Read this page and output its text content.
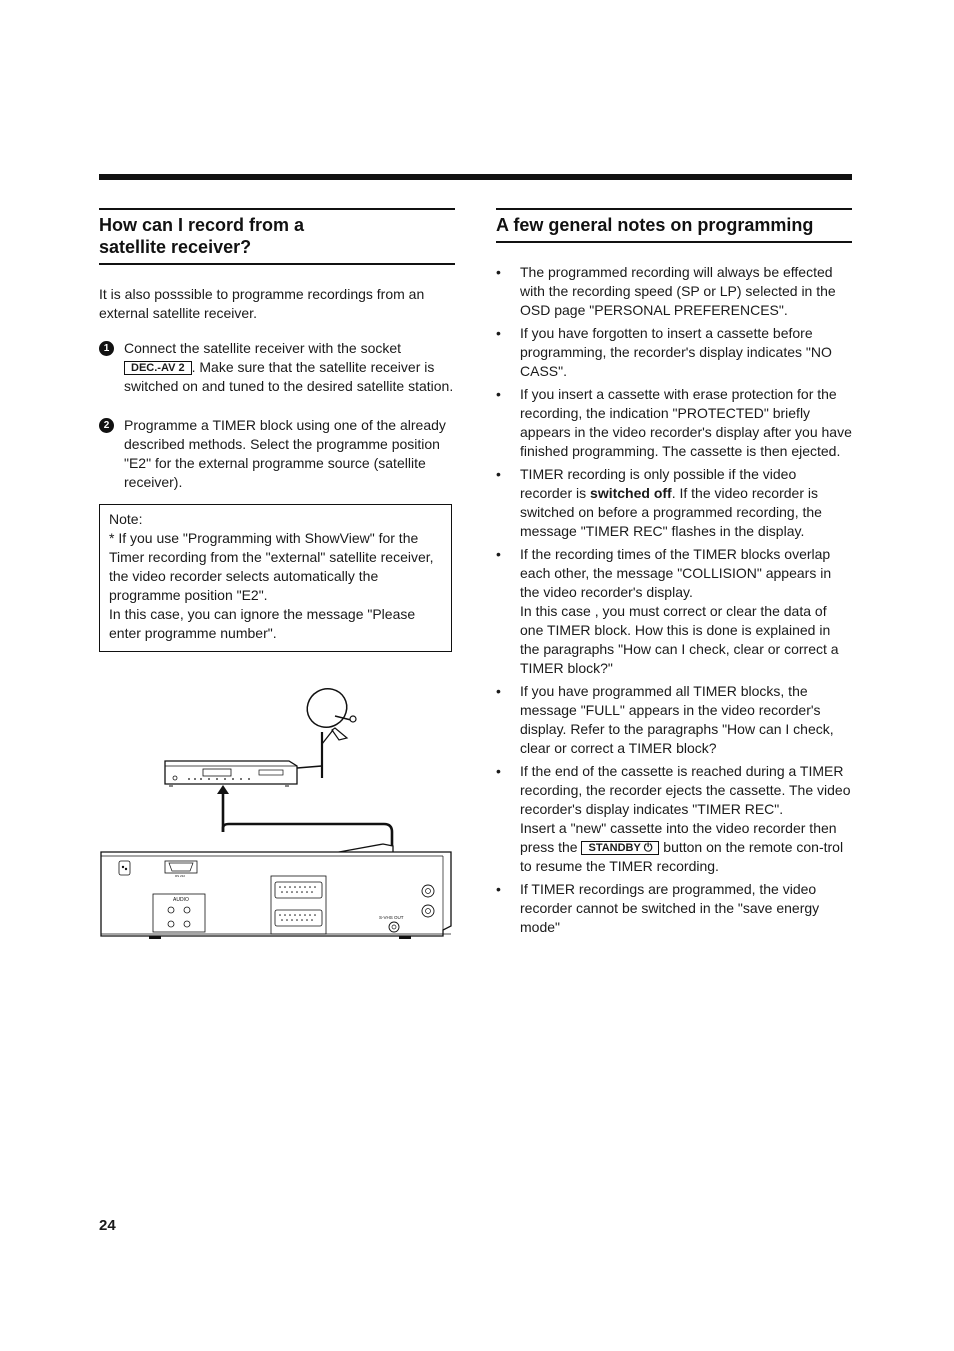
How can I record from a
satellite receiver?

It is also posssible to programme recordings from an external satellite receiver.

1	Connect the satellite receiver with the socket
DEC.-AV 2 . Make sure that the satellite receiver is switched on and tuned to the desired satellite station.
2	Programme a TIMER block using one of the already described methods. Select the programme position "E2" for the external programme source (satellite receiver).
Note:
* If you use "Programming with ShowView" for the Timer recording from the "external" satellite receiver, the video recorder selects automatically the programme position "E2".
In this case, you can ignore the message "Please enter programme number".
RS 232
AUDIO
S-VHS OUT
A few general notes on programming
• The programmed recording will always be effected with the recording speed (SP or LP) selected in the OSD page "PERSONAL PREFERENCES".
• If you have forgotten to insert a cassette before programming, the recorder's display indicates "NO CASS".
• If you insert a cassette with erase protection for the recording, the indication "PROTECTED" briefly appears in the video recorder's display after you have finished programming. The cassette is then ejected.
• TIMER recording is only possible if the video recorder is switched off. If the video recorder is switched on before a programmed recording, the message "TIMER REC" flashes in the display.
• If the recording times of the TIMER blocks overlap each other, the message "COLLISION" appears in the video recorder's display.
In this case , you must correct or clear the data of one TIMER block. How this is done is explained in the paragraphs "How can I check, clear or correct a TIMER block?"
• If you have programmed all TIMER blocks, the message "FULL" appears in the video recorder's display. Refer to the paragraphs "How can I check, clear or correct a TIMER block?
• If the end of the cassette is reached during a TIMER recording, the recorder ejects the cassette. The video recorder's display indicates "TIMER REC".
Insert a "new" cassette into the video recorder then press the STANDBY ⏻ button on the remote con-trol to resume the TIMER recording.
• If TIMER recordings are programmed, the video recorder cannot be switched in the "save energy mode"
24
